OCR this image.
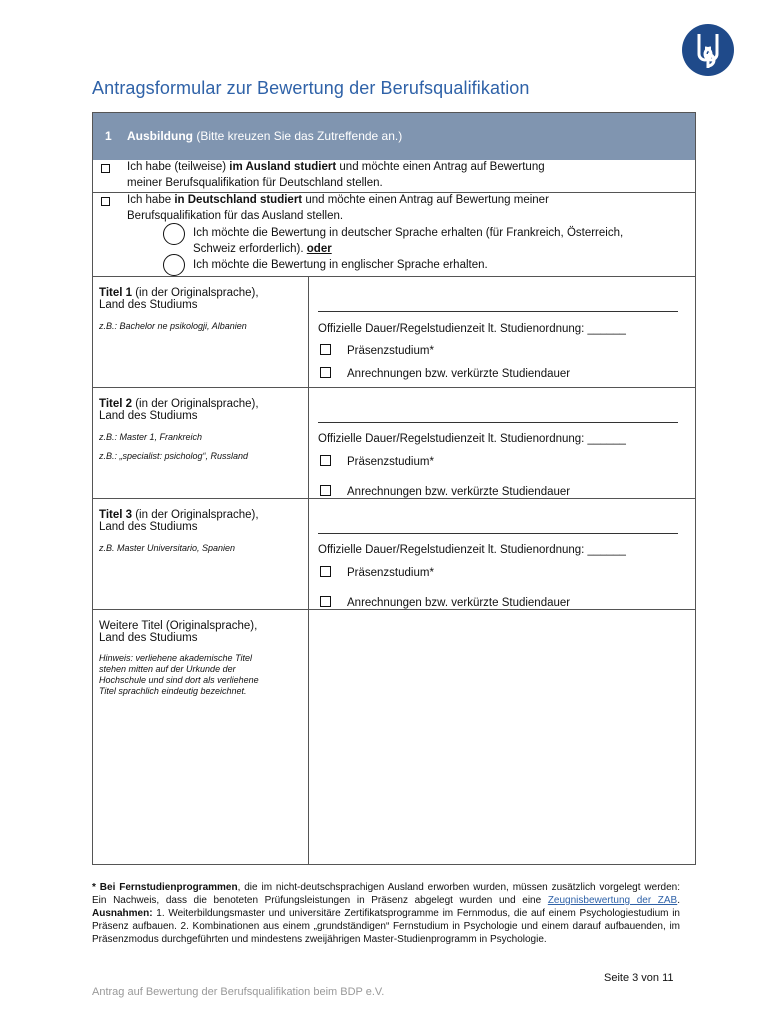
Antragsformular zur Bewertung der Berufsqualifikation
1 Ausbildung (Bitte kreuzen Sie das Zutreffende an.)
Ich habe (teilweise) im Ausland studiert und möchte einen Antrag auf Bewertung
meiner Berufsqualifikation für Deutschland stellen.
Ich habe in Deutschland studiert und möchte einen Antrag auf Bewertung meiner
Berufsqualifikation für das Ausland stellen.
Ich möchte die Bewertung in deutscher Sprache erhalten (für Frankreich, Österreich,
Schweiz erforderlich). oder
Ich möchte die Bewertung in englischer Sprache erhalten.
Titel 1 (in der Originalsprache),
Land des Studiums
z.B.: Bachelor ne psikologji, Albanien	Offizielle Dauer/Regelstudienzeit lt. Studienordnung: ______
Präsenzstudium*
Anrechnungen bzw. verkürzte Studiendauer
Titel 2 (in der Originalsprache),
Land des Studiums
z.B.: Master 1, Frankreich
z.B.: „specialist: psicholog“, Russland
Offizielle Dauer/Regelstudienzeit lt. Studienordnung: ______
Präsenzstudium*
Anrechnungen bzw. verkürzte Studiendauer
Titel 3 (in der Originalsprache),
Land des Studiums
z.B. Master Universitario, Spanien	Offizielle Dauer/Regelstudienzeit lt. Studienordnung: ______
Präsenzstudium*
Anrechnungen bzw. verkürzte Studiendauer
Weitere Titel (Originalsprache),
Land des Studiums
Hinweis: verliehene akademische Titel
stehen mitten auf der Urkunde der
Hochschule und sind dort als verliehene
Titel sprachlich eindeutig bezeichnet.
* Bei Fernstudienprogrammen, die im nicht-deutschsprachigen Ausland erworben wurden, müssen zusätzlich vorgelegt werden: Ein Nachweis, dass die benoteten Prüfungsleistungen in Präsenz abgelegt wurden und eine Zeugnisbewertung der ZAB. Ausnahmen: 1. Weiterbildungsmaster und universitäre Zertifikatsprogramme im Fernmodus, die auf einem Psychologiestudium in Präsenz aufbauen. 2. Kombinationen aus einem „grundständigen“ Fernstudium in Psychologie und einem darauf aufbauenden, im Präsenzmodus durchgeführten und mindestens zweijährigen Master-Studienprogramm in Psychologie.
Seite 3 von 11
Antrag auf Bewertung der Berufsqualifikation beim BDP e.V.
